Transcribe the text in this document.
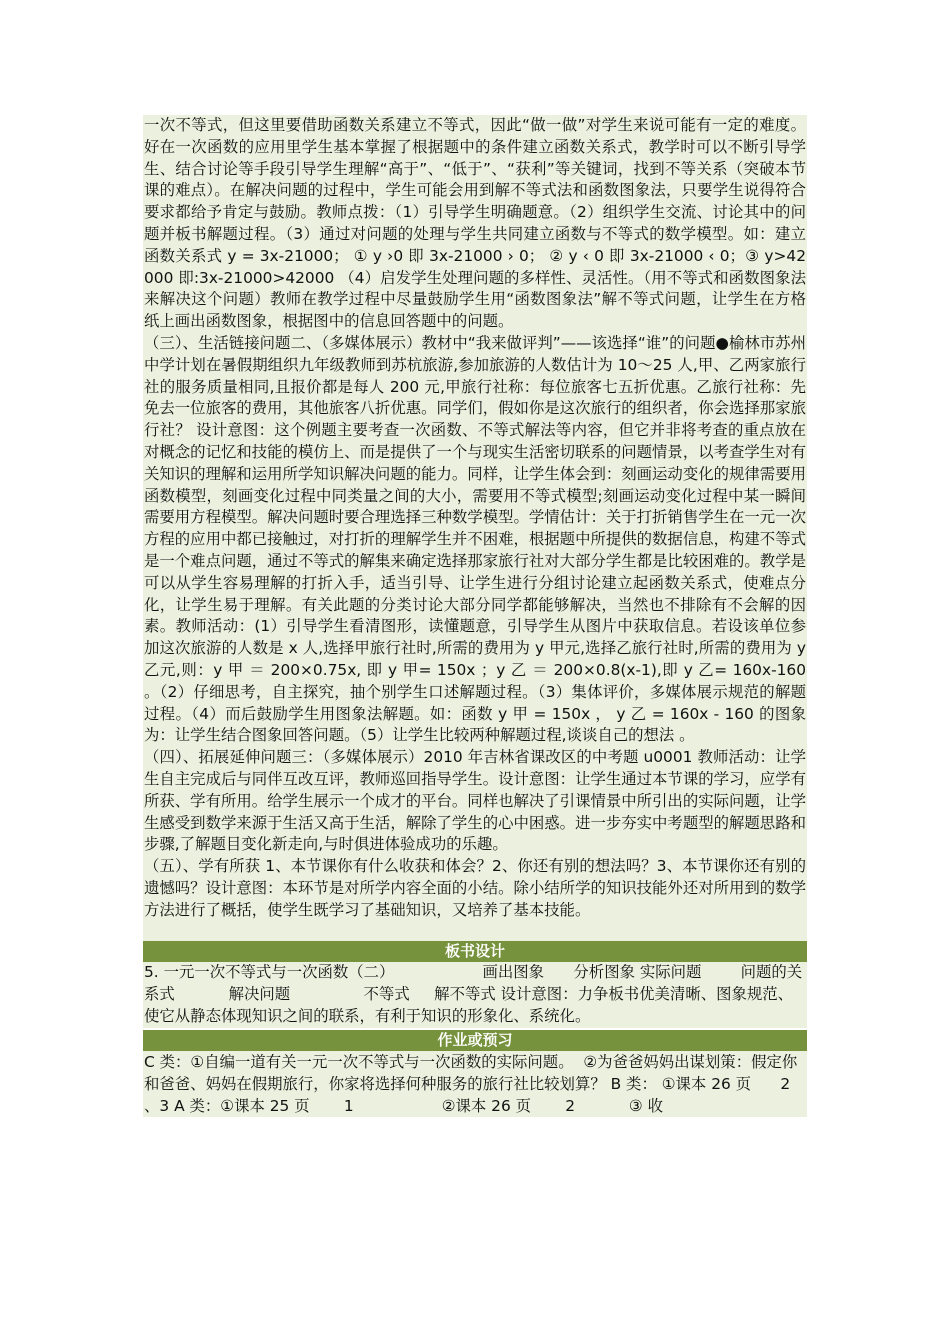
一次不等式，但这里要借助函数关系建立不等式，因此“做一做”对学生来说可能有一定的难度。好在一次函数的应用里学生基本掌握了根据题中的条件建立函数关系式，教学时可以不断引导学生、结合讨论等手段引导学生理解“高于”、“低于”、“获利”等关键词，找到不等关系（突破本节课的难点）。在解决问题的过程中，学生可能会用到解不等式法和函数图象法，只要学生说得符合要求都给予肯定与鼓励。教师点拨：（1）引导学生明确题意。（2）组织学生交流、讨论其中的问题并板书解题过程。（3）通过对问题的处理与学生共同建立函数与不等式的数学模型。如：建立函数关系式 y = 3x-21000； ① y ›0 即 3x-21000 › 0； ② y ‹ 0 即 3x-21000 ‹ 0；③ y>42000 即:3x-21000>42000 （4）启发学生处理问题的多样性、灵活性。（用不等式和函数图象法来解决这个问题）教师在教学过程中尽量鼓励学生用“函数图象法”解不等式问题，让学生在方格纸上画出函数图象，根据图中的信息回答题中的问题。

（三）、生活链接问题二、（多媒体展示）教材中“我来做评判”——该选择“谁”的问题●榆林市苏州中学计划在暑假期组织九年级教师到苏杭旅游,参加旅游的人数估计为 10～25 人,甲、乙两家旅行社的服务质量相同,且报价都是每人 200 元,甲旅行社称：每位旅客七五折优惠。乙旅行社称：先免去一位旅客的费用，其他旅客八折优惠。同学们，假如你是这次旅行的组织者，你会选择那家旅行社？ 设计意图：这个例题主要考查一次函数、不等式解法等内容，但它并非将考查的重点放在对概念的记忆和技能的模仿上、而是提供了一个与现实生活密切联系的问题情景，以考查学生对有关知识的理解和运用所学知识解决问题的能力。同样，让学生体会到：刻画运动变化的规律需要用函数模型，刻画变化过程中同类量之间的大小，需要用不等式模型;刻画运动变化过程中某一瞬间需要用方程模型。解决问题时要合理选择三种数学模型。学情估计：关于打折销售学生在一元一次方程的应用中都已接触过，对打折的理解学生并不困难，根据题中所提供的数据信息，构建不等式是一个难点问题，通过不等式的解集来确定选择那家旅行社对大部分学生都是比较困难的。教学是可以从学生容易理解的打折入手，适当引导、让学生进行分组讨论建立起函数关系式，使难点分化，让学生易于理解。有关此题的分类讨论大部分同学都能够解决，当然也不排除有不会解的因素。教师活动：(1）引导学生看清图形，读懂题意，引导学生从图片中获取信息。若设该单位参加这次旅游的人数是 x 人,选择甲旅行社时,所需的费用为 y 甲元,选择乙旅行社时,所需的费用为 y 乙元,则：y 甲 ＝ 200×0.75x, 即 y 甲= 150x ；y 乙 ＝ 200×0.8(x-1),即 y 乙= 160x-160 。（2）仔细思考，自主探究，抽个别学生口述解题过程。（3）集体评价，多媒体展示规范的解题过程。（4）而后鼓励学生用图象法解题。如：函数 y 甲 = 150x ， y 乙 = 160x - 160 的图象为：让学生结合图象回答问题。（5）让学生比较两种解题过程,谈谈自己的想法 。

（四）、拓展延伸问题三：（多媒体展示）2010 年吉林省课改区的中考题 u0001 教师活动：让学生自主完成后与同伴互改互评，教师巡回指导学生。设计意图：让学生通过本节课的学习，应学有所获、学有所用。给学生展示一个成才的平台。同样也解决了引课情景中所引出的实际问题，让学生感受到数学来源于生活又高于生活，解除了学生的心中困惑。进一步夯实中考题型的解题思路和步骤,了解题目变化新走向,与时俱进体验成功的乐趣。

（五）、学有所获 1、本节课你有什么收获和体会？2、你还有别的想法吗？3、本节课你还有别的遗憾吗？设计意图：本环节是对所学内容全面的小结。除小结所学的知识技能外还对所用到的数学方法进行了概括，使学生既学习了基础知识，又培养了基本技能。

板书设计

5. 一元一次不等式与一次函数（二）                  画出图象      分析图象 实际问题        问题的关系式           解决问题               不等式     解不等式 设计意图：力争板书优美清晰、图象规范、使它从静态体现知识之间的联系，有利于知识的形象化、系统化。

作业或预习

C 类：①自编一道有关一元一次不等式与一次函数的实际问题。  ②为爸爸妈妈出谋划策：假定你和爸爸、妈妈在假期旅行，你家将选择何种服务的旅行社比较划算？ B 类： ①课本 26 页      2  、3 A 类：①课本 25 页       1                  ②课本 26 页       2           ③ 收
